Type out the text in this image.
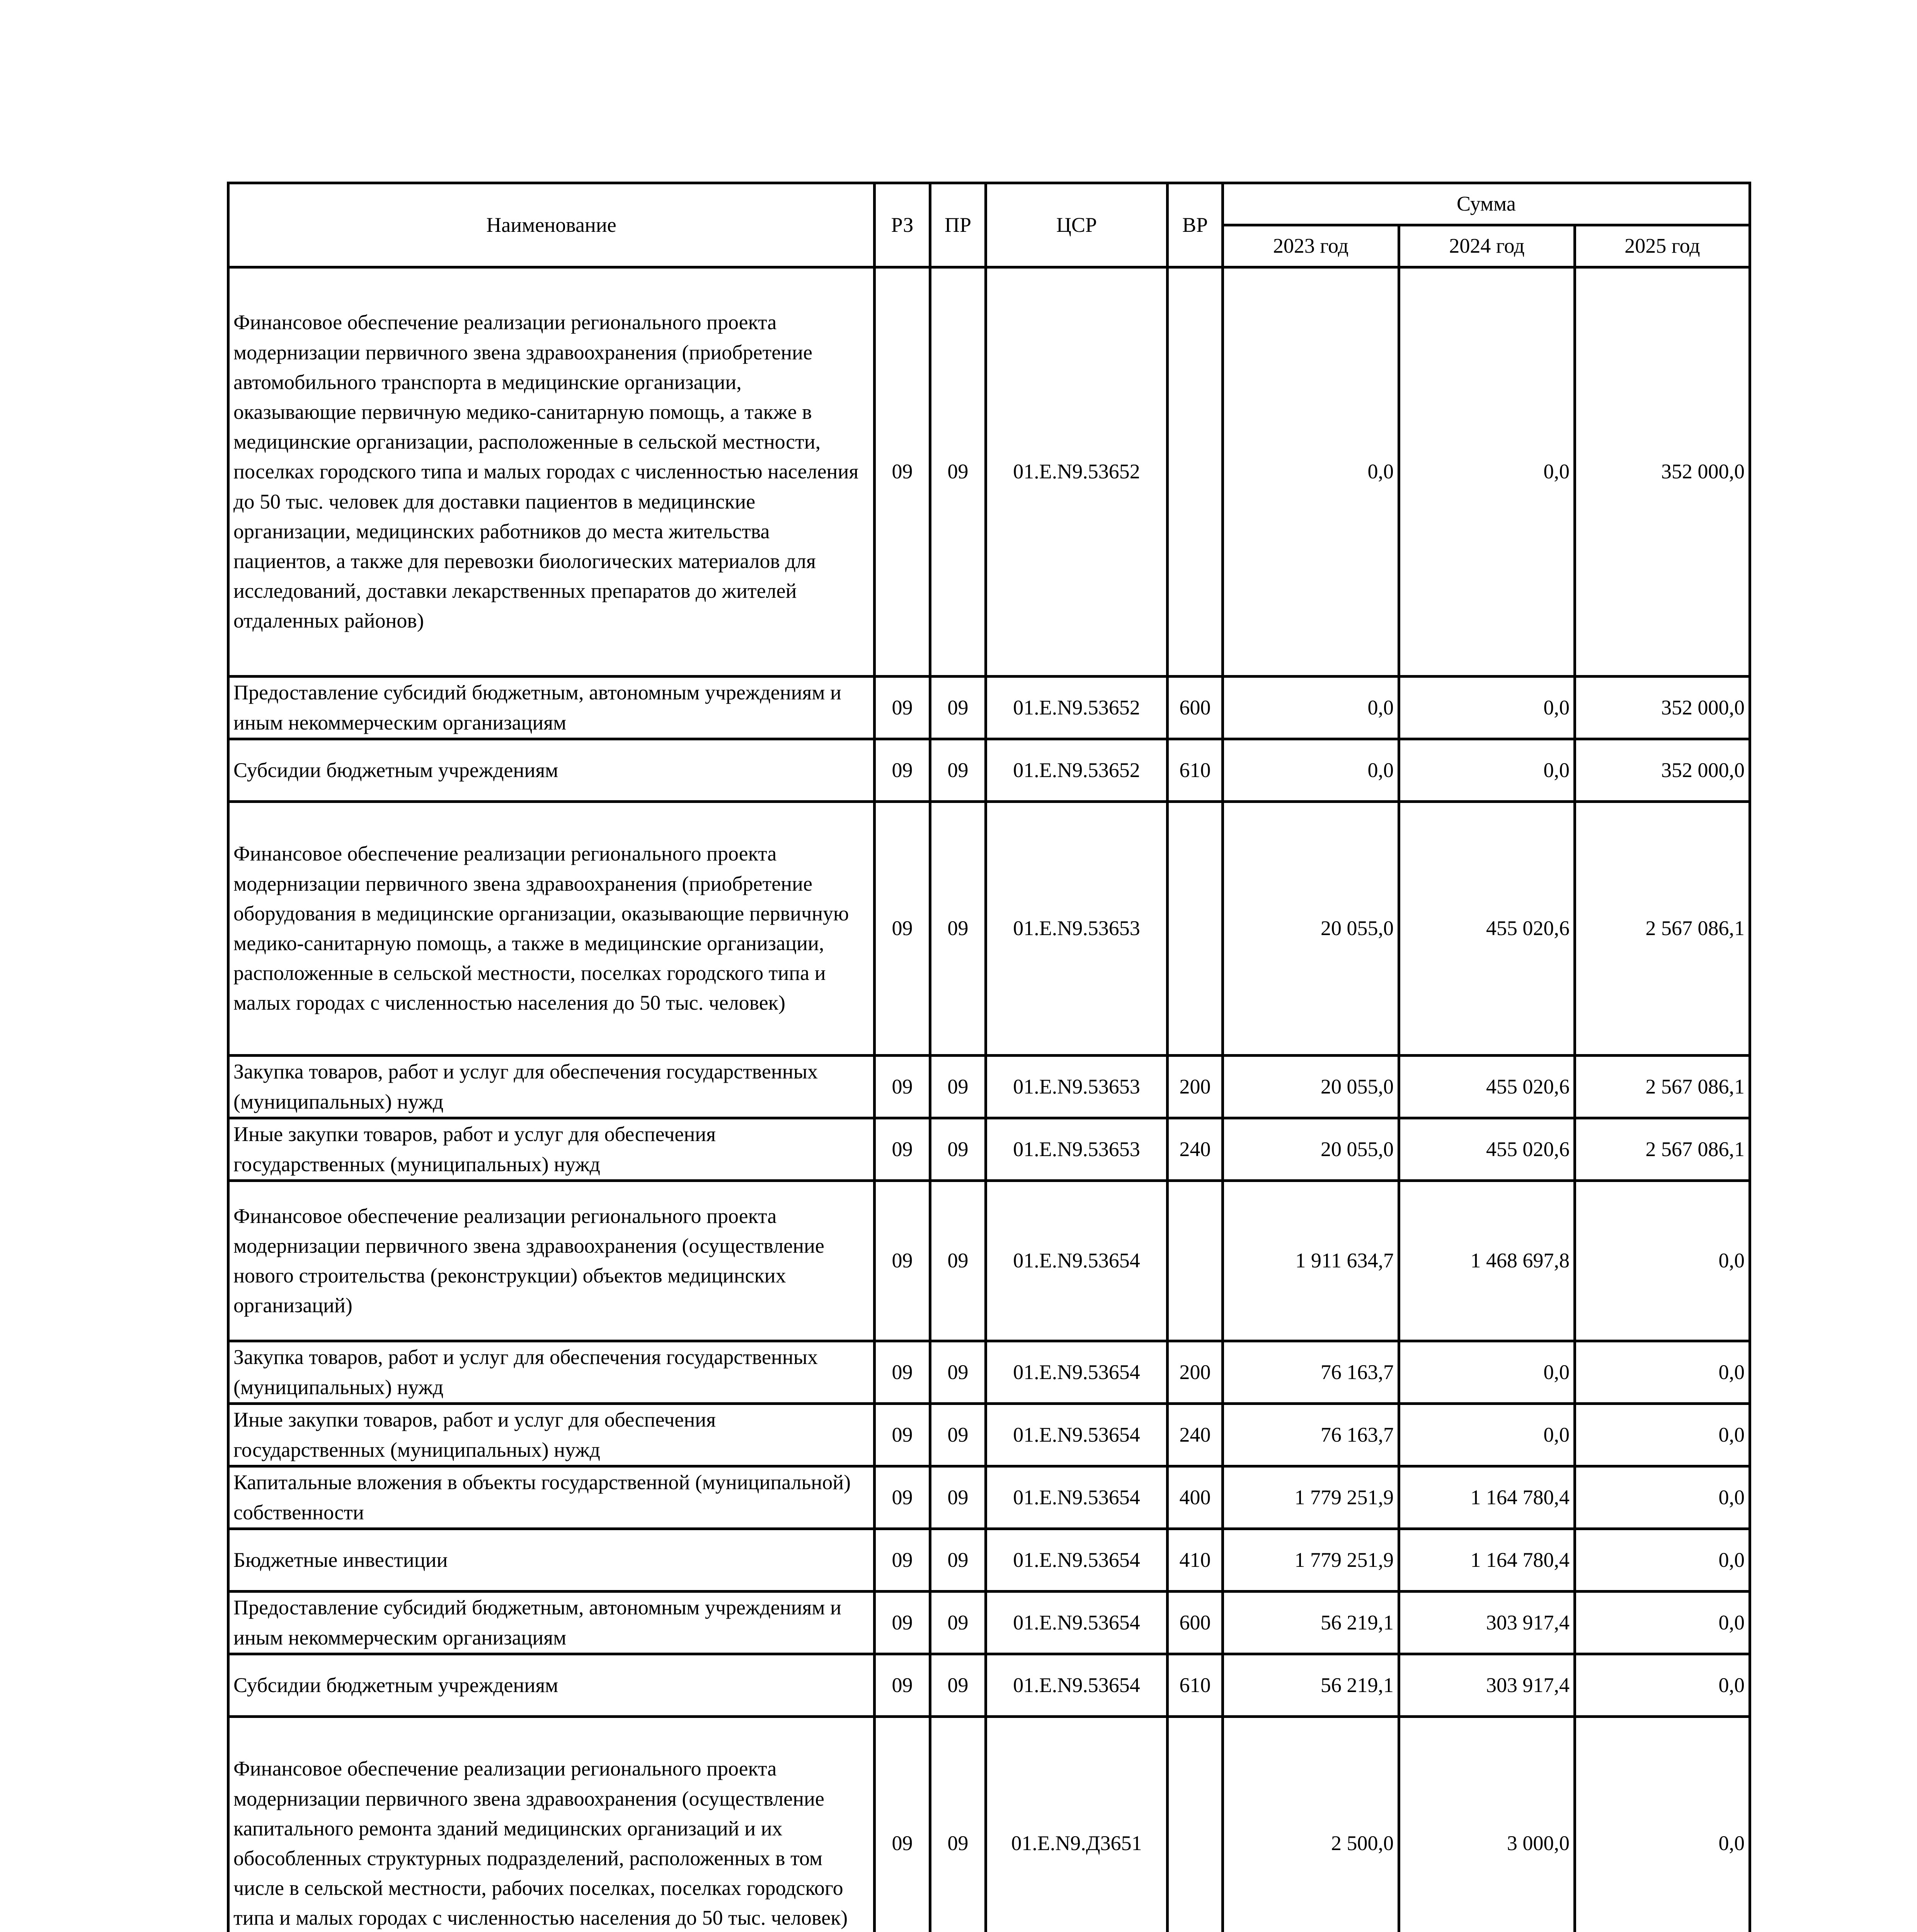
Наименование	РЗ	ПР	ЦСР	ВР	Сумма		
					2023 год	2024 год	2025 год
Финансовое обеспечение реализации регионального проекта модернизации первичного звена здравоохранения (приобретение автомобильного транспорта в медицинские организации, оказывающие первичную медико-санитарную помощь, а также в медицинские организации, расположенные в сельской местности, поселках городского типа и малых городах с численностью населения до 50 тыс. человек для доставки пациентов в медицинские организации, медицинских работников до места жительства пациентов, а также для перевозки биологических материалов для исследований, доставки лекарственных препаратов до жителей отдаленных районов)	09	09	01.Е.N9.53652		0,0	0,0	352 000,0
Предоставление субсидий бюджетным, автономным учреждениям и иным некоммерческим организациям	09	09	01.Е.N9.53652	600	0,0	0,0	352 000,0
Субсидии бюджетным учреждениям	09	09	01.Е.N9.53652	610	0,0	0,0	352 000,0
Финансовое обеспечение реализации регионального проекта модернизации первичного звена здравоохранения (приобретение оборудования в медицинские организации, оказывающие первичную медико-санитарную помощь, а также в медицинские организации, расположенные в сельской местности, поселках городского типа и малых городах с численностью населения до 50 тыс. человек)	09	09	01.Е.N9.53653		20 055,0	455 020,6	2 567 086,1
Закупка товаров, работ и услуг для обеспечения государственных (муниципальных) нужд	09	09	01.Е.N9.53653	200	20 055,0	455 020,6	2 567 086,1
Иные закупки товаров, работ и услуг для обеспечения государственных (муниципальных) нужд	09	09	01.Е.N9.53653	240	20 055,0	455 020,6	2 567 086,1
Финансовое обеспечение реализации регионального проекта модернизации первичного звена здравоохранения (осуществление нового строительства (реконструкции) объектов медицинских организаций)	09	09	01.Е.N9.53654		1 911 634,7	1 468 697,8	0,0
Закупка товаров, работ и услуг для обеспечения государственных (муниципальных) нужд	09	09	01.Е.N9.53654	200	76 163,7	0,0	0,0
Иные закупки товаров, работ и услуг для обеспечения государственных (муниципальных) нужд	09	09	01.Е.N9.53654	240	76 163,7	0,0	0,0
Капитальные вложения в объекты государственной (муниципальной) собственности	09	09	01.Е.N9.53654	400	1 779 251,9	1 164 780,4	0,0
Бюджетные инвестиции	09	09	01.Е.N9.53654	410	1 779 251,9	1 164 780,4	0,0
Предоставление субсидий бюджетным, автономным учреждениям и иным некоммерческим организациям	09	09	01.Е.N9.53654	600	56 219,1	303 917,4	0,0
Субсидии бюджетным учреждениям	09	09	01.Е.N9.53654	610	56 219,1	303 917,4	0,0
Финансовое обеспечение реализации регионального проекта модернизации первичного звена здравоохранения (осуществление капитального ремонта зданий медицинских организаций и их обособленных структурных подразделений, расположенных в том числе в сельской местности, рабочих поселках, поселках городского типа и малых городах с численностью населения до 50 тыс. человек)	09	09	01.Е.N9.Д3651		2 500,0	3 000,0	0,0
